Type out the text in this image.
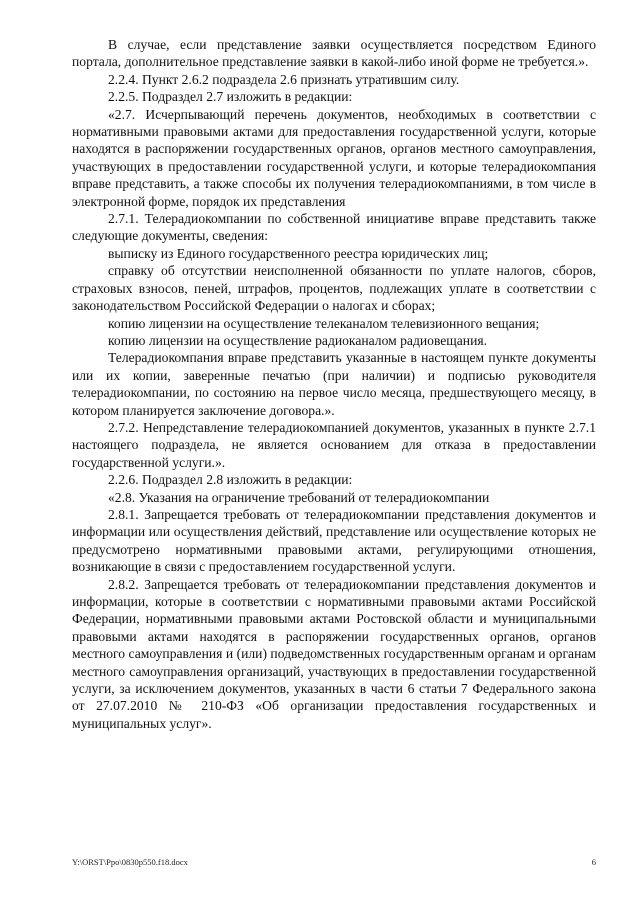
В случае, если представление заявки осуществляется посредством Единого портала, дополнительное представление заявки в какой-либо иной форме не требуется.».

2.2.4. Пункт 2.6.2 подраздела 2.6 признать утратившим силу.

2.2.5. Подраздел 2.7 изложить в редакции:

«2.7. Исчерпывающий перечень документов, необходимых в соответствии с нормативными правовыми актами для предоставления государственной услуги, которые находятся в распоряжении государственных органов, органов местного самоуправления, участвующих в предоставлении государственной услуги, и которые телерадиокомпания вправе представить, а также способы их получения телерадиокомпаниями, в том числе в электронной форме, порядок их представления

2.7.1. Телерадиокомпании по собственной инициативе вправе представить также следующие документы, сведения:

выписку из Единого государственного реестра юридических лиц;

справку об отсутствии неисполненной обязанности по уплате налогов, сборов, страховых взносов, пеней, штрафов, процентов, подлежащих уплате в соответствии с законодательством Российской Федерации о налогах и сборах;

копию лицензии на осуществление телеканалом телевизионного вещания;

копию лицензии на осуществление радиоканалом радиовещания.

Телерадиокомпания вправе представить указанные в настоящем пункте документы или их копии, заверенные печатью (при наличии) и подписью руководителя телерадиокомпании, по состоянию на первое число месяца, предшествующего месяцу, в котором планируется заключение договора.».

2.7.2. Непредставление телерадиокомпанией документов, указанных в пункте 2.7.1 настоящего подраздела, не является основанием для отказа в предоставлении государственной услуги.».

2.2.6. Подраздел 2.8 изложить в редакции:

«2.8. Указания на ограничение требований от телерадиокомпании

2.8.1. Запрещается требовать от телерадиокомпании представления документов и информации или осуществления действий, представление или осуществление которых не предусмотрено нормативными правовыми актами, регулирующими отношения, возникающие в связи с предоставлением государственной услуги.

2.8.2. Запрещается требовать от телерадиокомпании представления документов и информации, которые в соответствии с нормативными правовыми актами Российской Федерации, нормативными правовыми актами Ростовской области и муниципальными правовыми актами находятся в распоряжении государственных органов, органов местного самоуправления и (или) подведомственных государственным органам и органам местного самоуправления организаций, участвующих в предоставлении государственной услуги, за исключением документов, указанных в части 6 статьи 7 Федерального закона от 27.07.2010 № 210-ФЗ «Об организации предоставления государственных и муниципальных услуг».

Y:\ORST\Ppo\0830p550.f18.docx	6
